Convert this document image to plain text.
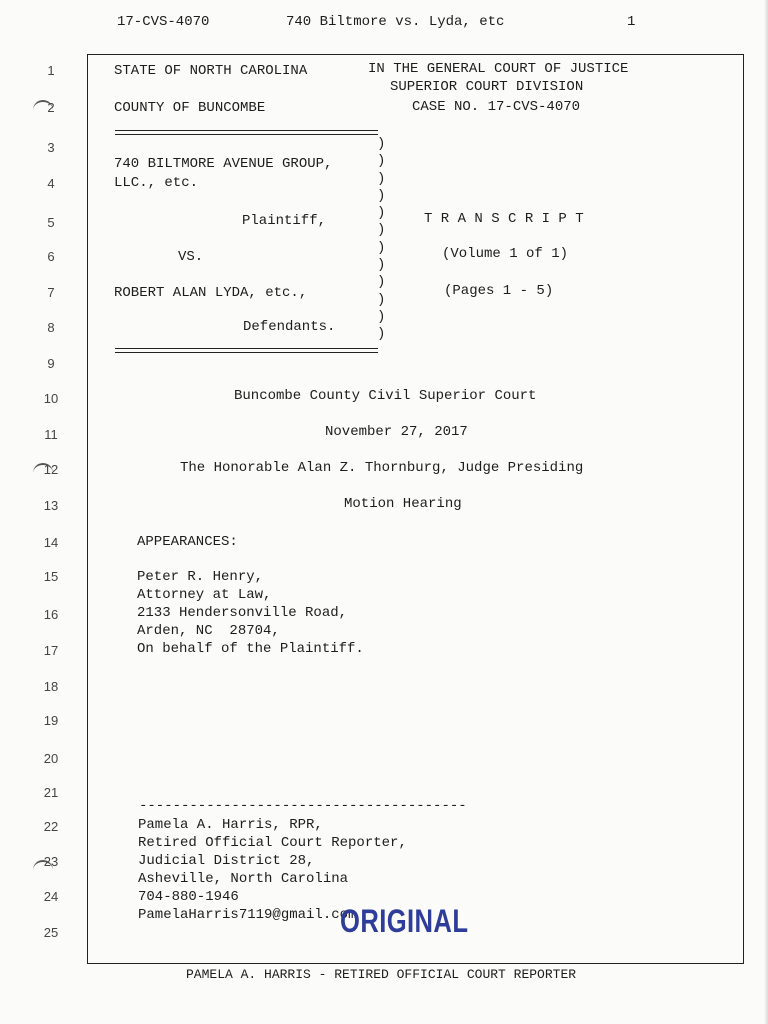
17-CVS-4070	740 Biltmore vs. Lyda, etc	1
1
2
3
4
5
6
7
8
9
10
11
12
13
14
15
16
17
18
19
20
21
22
23
24
25
STATE OF NORTH CAROLINA	IN THE GENERAL COURT OF JUSTICE
SUPERIOR COURT DIVISION
COUNTY OF BUNCOMBE	CASE NO. 17-CVS-4070
)
)
)
)
)
)
)
)
)
)
)
)
740 BILTMORE AVENUE GROUP,
LLC., etc.
Plaintiff,	T R A N S C R I P T
VS.	(Volume 1 of 1)
ROBERT ALAN LYDA, etc.,	(Pages 1 - 5)
Defendants.
Buncombe County Civil Superior Court
November 27, 2017
The Honorable Alan Z. Thornburg, Judge Presiding
Motion Hearing
APPEARANCES:
Peter R. Henry,
Attorney at Law,
2133 Hendersonville Road,
Arden, NC  28704,
On behalf of the Plaintiff.
---------------------------------------
Pamela A. Harris, RPR,
Retired Official Court Reporter,
Judicial District 28,
Asheville, North Carolina
704-880-1946
PamelaHarris7119@gmail.com
ORIGINAL
PAMELA A. HARRIS - RETIRED OFFICIAL COURT REPORTER
